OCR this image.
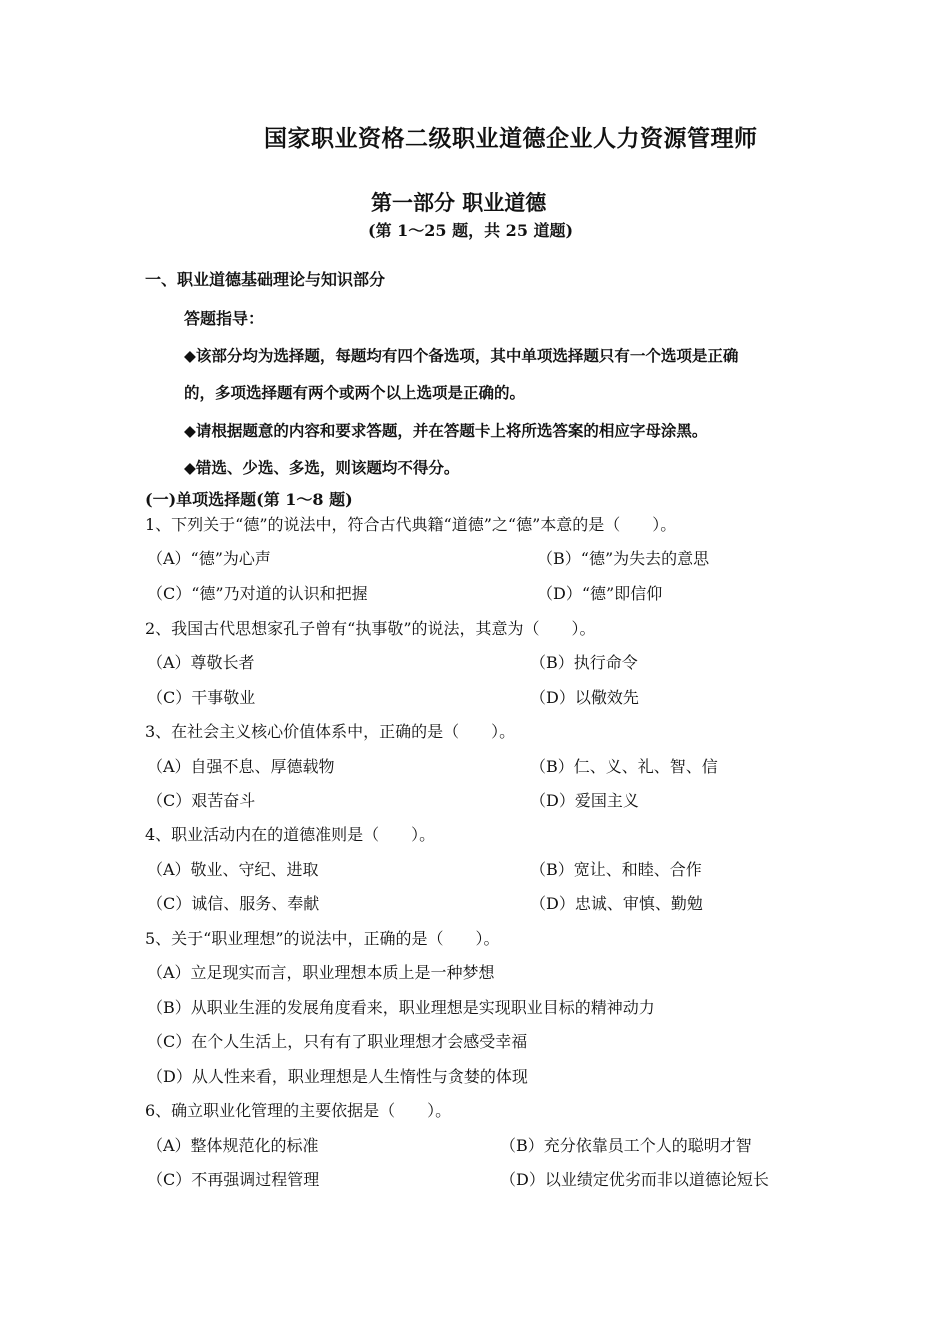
国家职业资格二级职业道德企业人力资源管理师
第一部分 职业道德
(第 1～25 题，共 25 道题)
一、职业道德基础理论与知识部分
答题指导：
◆该部分均为选择题，每题均有四个备选项，其中单项选择题只有一个选项是正确
的，多项选择题有两个或两个以上选项是正确的。
◆请根据题意的内容和要求答题，并在答题卡上将所选答案的相应字母涂黑。
◆错选、少选、多选，则该题均不得分。
(一)单项选择题(第 1～8 题)
1、下列关于“德”的说法中，符合古代典籍“道德”之“德”本意的是（　　）。
（A）“德”为心声	（B）“德”为失去的意思
（C）“德”乃对道的认识和把握	（D）“德”即信仰
2、我国古代思想家孔子曾有“执事敬”的说法，其意为（　　）。
（A）尊敬长者	（B）执行命令
（C）干事敬业	（D）以儆效先
3、在社会主义核心价值体系中，正确的是（　　）。
（A）自强不息、厚德载物	（B）仁、义、礼、智、信
（C）艰苦奋斗	（D）爱国主义
4、职业活动内在的道德准则是（　　）。
（A）敬业、守纪、进取	（B）宽让、和睦、合作
（C）诚信、服务、奉献	（D）忠诚、审慎、勤勉
5、关于“职业理想”的说法中，正确的是（　　）。
（A）立足现实而言，职业理想本质上是一种梦想
（B）从职业生涯的发展角度看来，职业理想是实现职业目标的精神动力
（C）在个人生活上，只有有了职业理想才会感受幸福
（D）从人性来看，职业理想是人生惰性与贪婪的体现
6、确立职业化管理的主要依据是（　　）。
（A）整体规范化的标准	（B）充分依靠员工个人的聪明才智
（C）不再强调过程管理	（D）以业绩定优劣而非以道德论短长
